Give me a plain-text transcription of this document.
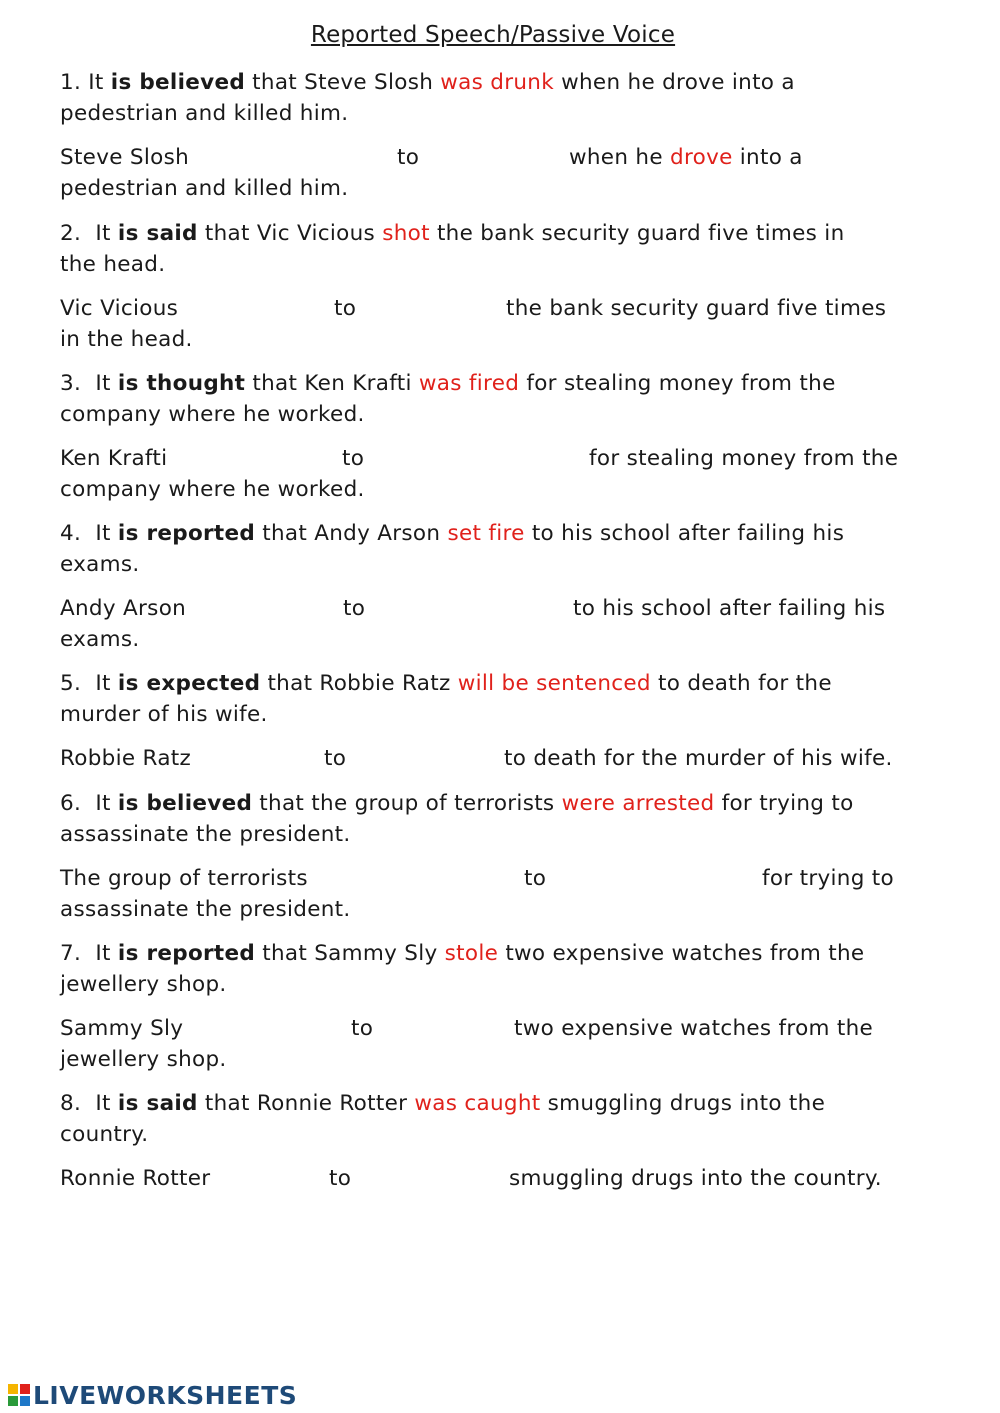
Reported Speech/Passive Voice
1. It is believed that Steve Slosh was drunk when he drove into a
pedestrian and killed him.
Steve Slosh	to	when he drove into a
pedestrian and killed him.
2. It is said that Vic Vicious shot the bank security guard five times in
the head.
Vic Vicious	to	the bank security guard five times
in the head.
3. It is thought that Ken Krafti was fired for stealing money from the
company where he worked.
Ken Krafti	to	for stealing money from the
company where he worked.
4. It is reported that Andy Arson set fire to his school after failing his
exams.
Andy Arson	to	to his school after failing his
exams.
5. It is expected that Robbie Ratz will be sentenced to death for the
murder of his wife.
Robbie Ratz	to	to death for the murder of his wife.
6. It is believed that the group of terrorists were arrested for trying to
assassinate the president.
The group of terrorists	to	for trying to
assassinate the president.
7. It is reported that Sammy Sly stole two expensive watches from the
jewellery shop.
Sammy Sly	to	two expensive watches from the
jewellery shop.
8. It is said that Ronnie Rotter was caught smuggling drugs into the
country.
Ronnie Rotter	to	smuggling drugs into the country.
LIVEWORKSHEETS
